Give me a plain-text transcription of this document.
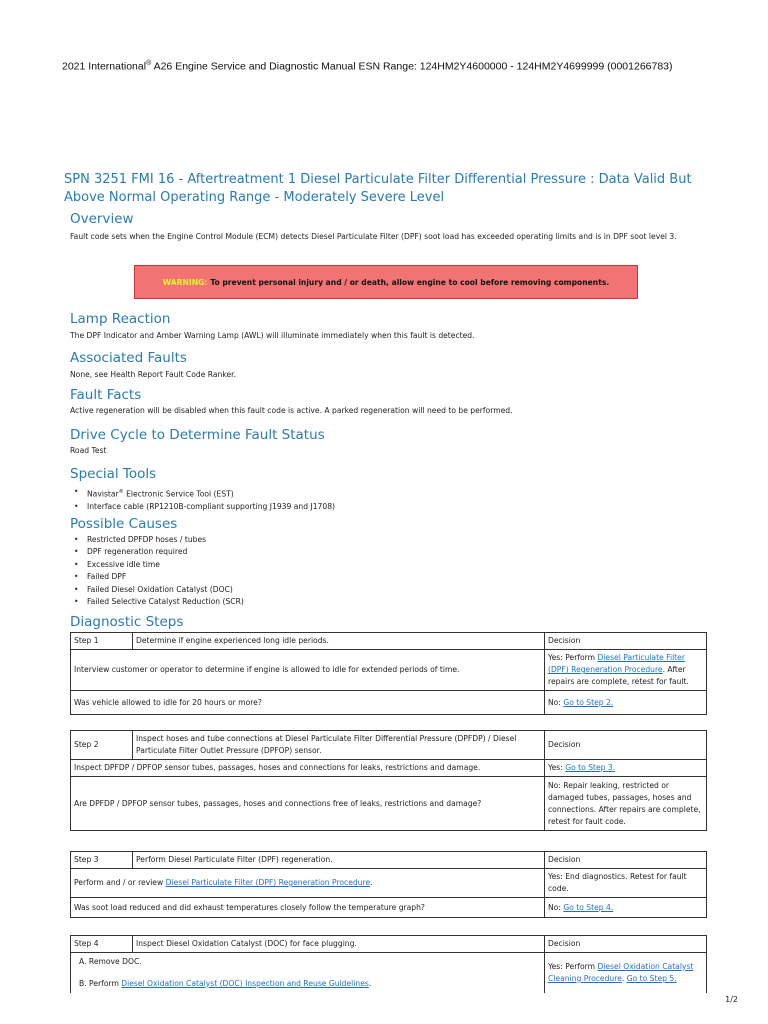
2021 International® A26 Engine Service and Diagnostic Manual ESN Range: 124HM2Y4600000 - 124HM2Y4699999 (0001266783)
SPN 3251 FMI 16 - Aftertreatment 1 Diesel Particulate Filter Differential Pressure : Data Valid But Above Normal Operating Range - Moderately Severe Level
Overview

Fault code sets when the Engine Control Module (ECM) detects Diesel Particulate Filter (DPF) soot load has exceeded operating limits and is in DPF soot level 3.

WARNING: To prevent personal injury and / or death, allow engine to cool before removing components.
Lamp Reaction

The DPF Indicator and Amber Warning Lamp (AWL) will illuminate immediately when this fault is detected.

Associated Faults

None, see Health Report Fault Code Ranker.

Fault Facts

Active regeneration will be disabled when this fault code is active. A parked regeneration will need to be performed.

Drive Cycle to Determine Fault Status

Road Test

Special Tools
• Navistar® Electronic Service Tool (EST)
• Interface cable (RP1210B-compliant supporting J1939 and J1708)
Possible Causes
• Restricted DPFDP hoses / tubes
• DPF regeneration required
• Excessive idle time
• Failed DPF
• Failed Diesel Oxidation Catalyst (DOC)
• Failed Selective Catalyst Reduction (SCR)
Diagnostic Steps
Step 1	Determine if engine experienced long idle periods.	Decision
Interview customer or operator to determine if engine is allowed to idle for extended periods of time.		Yes: Perform Diesel Particulate Filter (DPF) Regeneration Procedure. After repairs are complete, retest for fault.
Was vehicle allowed to idle for 20 hours or more?		No: Go to Step 2.
Step 2	Inspect hoses and tube connections at Diesel Particulate Filter Differential Pressure (DPFDP) / Diesel Particulate Filter Outlet Pressure (DPFOP) sensor.	Decision
Inspect DPFDP / DPFOP sensor tubes, passages, hoses and connections for leaks, restrictions and damage.		Yes: Go to Step 3.
Are DPFDP / DPFOP sensor tubes, passages, hoses and connections free of leaks, restrictions and damage?		No: Repair leaking, restricted or damaged tubes, passages, hoses and connections. After repairs are complete, retest for fault code.
Step 3	Perform Diesel Particulate Filter (DPF) regeneration.	Decision
Perform and / or review Diesel Particulate Filter (DPF) Regeneration Procedure.		Yes: End diagnostics. Retest for fault code.
Was soot load reduced and did exhaust temperatures closely follow the temperature graph?		No: Go to Step 4.
Step 4	Inspect Diesel Oxidation Catalyst (DOC) for face plugging.	Decision

A. Remove DOC.
B. Perform Diesel Oxidation Catalyst (DOC) Inspection and Reuse Guidelines.		Yes: Perform Diesel Oxidation Catalyst Cleaning Procedure. Go to Step 5.
1/2
